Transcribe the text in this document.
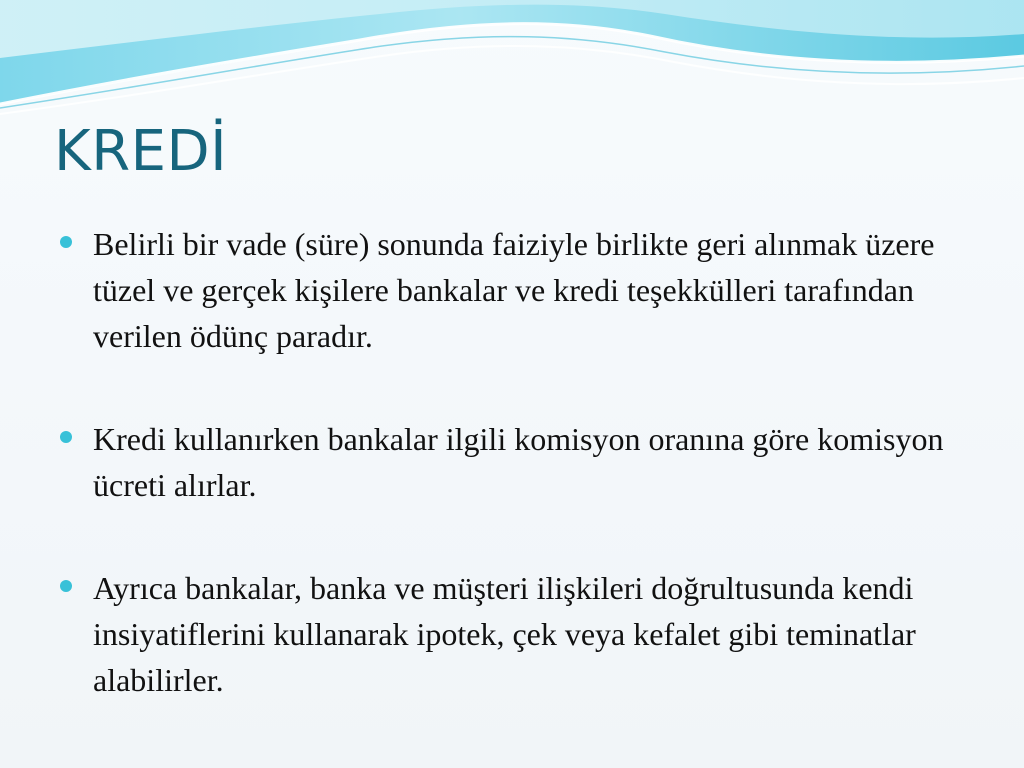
KREDİ
Belirli bir vade (süre) sonunda faiziyle birlikte geri alınmak üzere tüzel ve gerçek kişilere bankalar ve kredi teşekkülleri tarafından verilen ödünç paradır.
Kredi kullanırken bankalar ilgili komisyon oranına göre komisyon ücreti alırlar.
Ayrıca bankalar, banka ve müşteri ilişkileri doğrultusunda kendi insiyatiflerini kullanarak ipotek, çek veya kefalet gibi teminatlar alabilirler.
